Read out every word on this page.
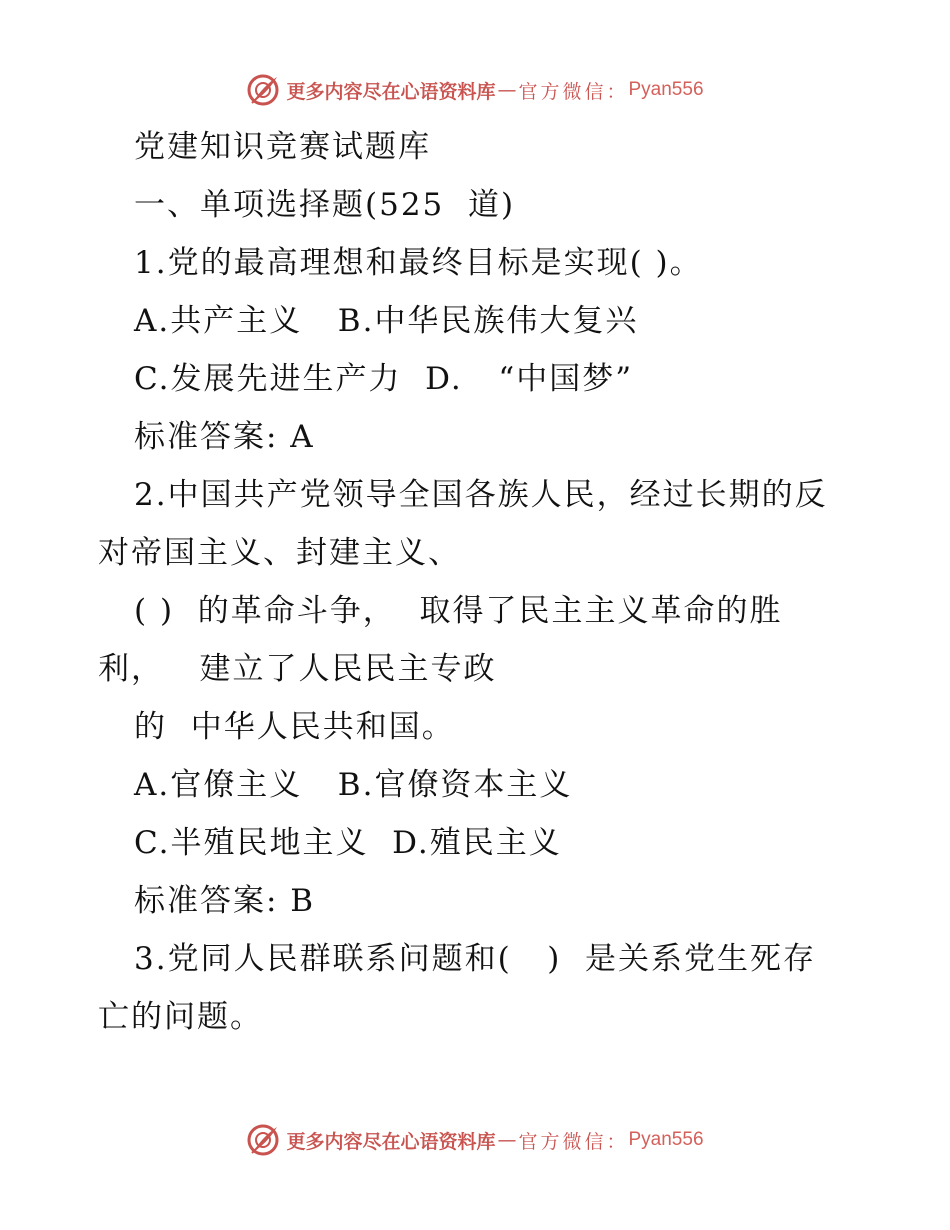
更多内容尽在心语资料库 — 官方微信： Pyan556
党建知识竞赛试题库
一、单项选择题(525  道)
1.党的最高理想和最终目标是实现( )。
A.共产主义   B.中华民族伟大复兴
C.发展先进生产力  D.   “中国梦”
标准答案: A
2.中国共产党领导全国各族人民，经过长期的反
对帝国主义、封建主义、
( )  的革命斗争，  取得了民主主义革命的胜
利，   建立了人民民主专政
的  中华人民共和国。
A.官僚主义   B.官僚资本主义
C.半殖民地主义  D.殖民主义
标准答案: B
3.党同人民群联系问题和(   )  是关系党生死存
亡的问题。
更多内容尽在心语资料库 — 官方微信： Pyan556
